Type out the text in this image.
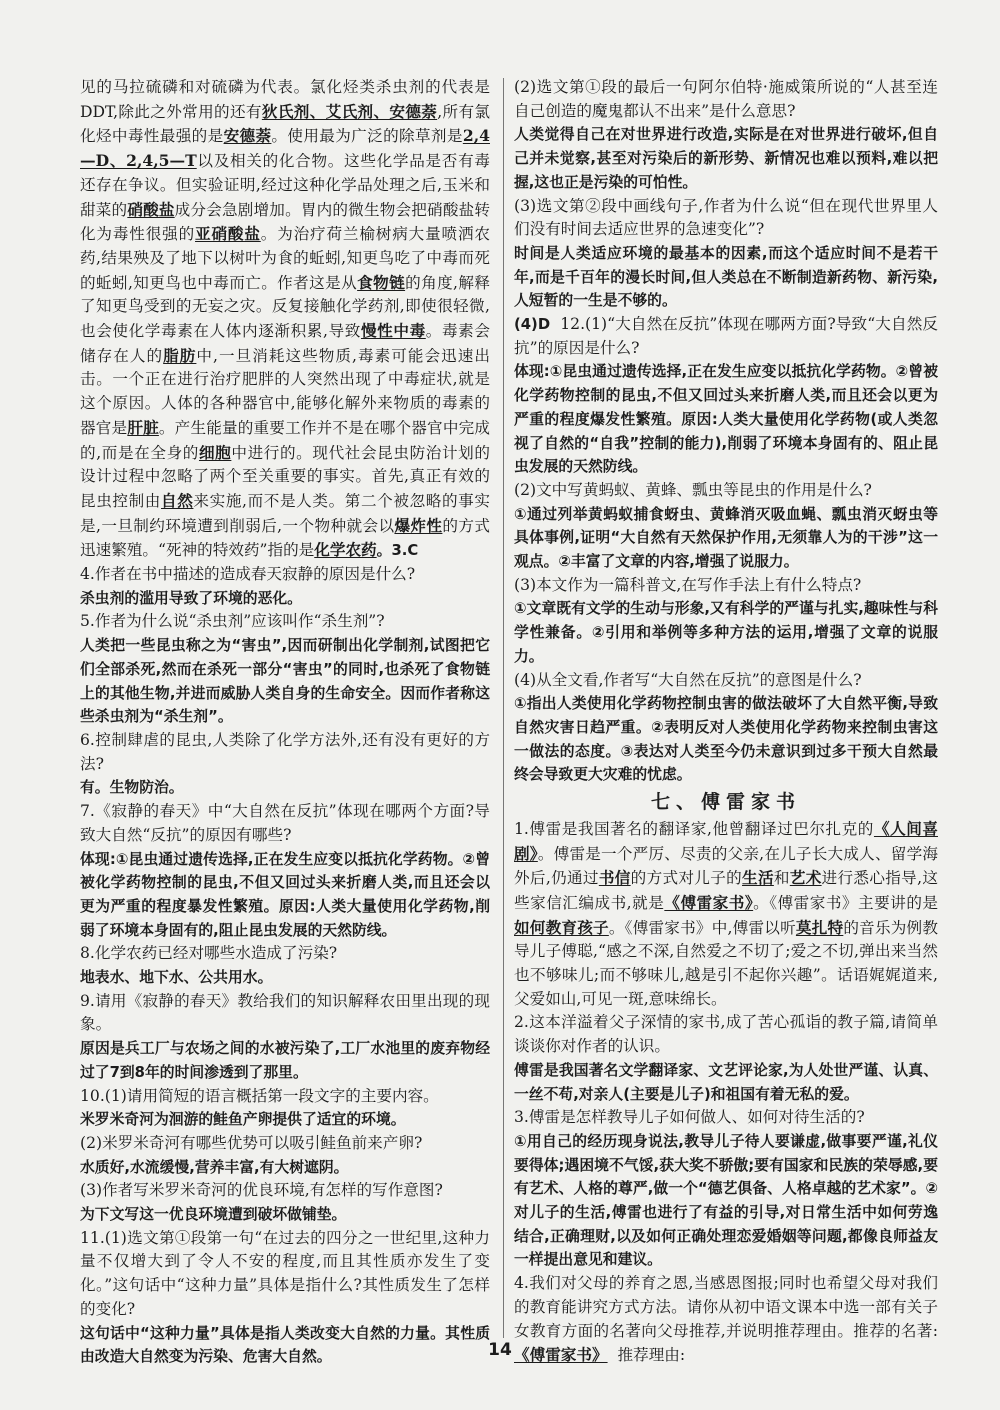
见的马拉硫磷和对硫磷为代表。氯化烃类杀虫剂的代表是DDT,除此之外常用的还有狄氏剂、艾氏剂、安德萘,所有氯化烃中毒性最强的是安德萘。使用最为广泛的除草剂是2,4—D、2,4,5—T以及相关的化合物。这些化学品是否有毒还存在争议。但实验证明,经过这种化学品处理之后,玉米和甜菜的硝酸盐成分会急剧增加。胃内的微生物会把硝酸盐转化为毒性很强的亚硝酸盐。为治疗荷兰榆树病大量喷洒农药,结果殃及了地下以树叶为食的蚯蚓,知更鸟吃了中毒而死的蚯蚓,知更鸟也中毒而亡。作者这是从食物链的角度,解释了知更鸟受到的无妄之灾。反复接触化学药剂,即使很轻微,也会使化学毒素在人体内逐渐积累,导致慢性中毒。毒素会储存在人的脂肪中,一旦消耗这些物质,毒素可能会迅速出击。一个正在进行治疗肥胖的人突然出现了中毒症状,就是这个原因。人体的各种器官中,能够化解外来物质的毒素的器官是肝脏。产生能量的重要工作并不是在哪个器官中完成的,而是在全身的细胞中进行的。现代社会昆虫防治计划的设计过程中忽略了两个至关重要的事实。首先,真正有效的昆虫控制由自然来实施,而不是人类。第二个被忽略的事实是,一旦制约环境遭到削弱后,一个物种就会以爆炸性的方式迅速繁殖。“死神的特效药”指的是化学农药。3.C

4.作者在书中描述的造成春天寂静的原因是什么?

杀虫剂的滥用导致了环境的恶化。

5.作者为什么说“杀虫剂”应该叫作“杀生剂”?

人类把一些昆虫称之为“害虫”,因而研制出化学制剂,试图把它们全部杀死,然而在杀死一部分“害虫”的同时,也杀死了食物链上的其他生物,并进而威胁人类自身的生命安全。因而作者称这些杀虫剂为“杀生剂”。

6.控制肆虐的昆虫,人类除了化学方法外,还有没有更好的方法?

有。生物防治。

7.《寂静的春天》中“大自然在反抗”体现在哪两个方面?导致大自然“反抗”的原因有哪些?

体现:①昆虫通过遗传选择,正在发生应变以抵抗化学药物。②曾被化学药物控制的昆虫,不但又回过头来折磨人类,而且还会以更为严重的程度暴发性繁殖。原因:人类大量使用化学药物,削弱了环境本身固有的,阻止昆虫发展的天然防线。

8.化学农药已经对哪些水造成了污染?

地表水、地下水、公共用水。

9.请用《寂静的春天》教给我们的知识解释农田里出现的现象。

原因是兵工厂与农场之间的水被污染了,工厂水池里的废弃物经过了7到8年的时间渗透到了那里。

10.(1)请用简短的语言概括第一段文字的主要内容。

米罗米奇河为洄游的鲑鱼产卵提供了适宜的环境。

(2)米罗米奇河有哪些优势可以吸引鲑鱼前来产卵?

水质好,水流缓慢,营养丰富,有大树遮阴。

(3)作者写米罗米奇河的优良环境,有怎样的写作意图?

为下文写这一优良环境遭到破坏做铺垫。

11.(1)选文第①段第一句“在过去的四分之一世纪里,这种力量不仅增大到了令人不安的程度,而且其性质亦发生了变化。”这句话中“这种力量”具体是指什么?其性质发生了怎样的变化?

这句话中“这种力量”具体是指人类改变大自然的力量。其性质由改造大自然变为污染、危害大自然。

(2)选文第①段的最后一句阿尔伯特·施威策所说的“人甚至连自己创造的魔鬼都认不出来”是什么意思?

人类觉得自己在对世界进行改造,实际是在对世界进行破坏,但自己并未觉察,甚至对污染后的新形势、新情况也难以预料,难以把握,这也正是污染的可怕性。

(3)选文第②段中画线句子,作者为什么说“但在现代世界里人们没有时间去适应世界的急速变化”?

时间是人类适应环境的最基本的因素,而这个适应时间不是若干年,而是千百年的漫长时间,但人类总在不断制造新药物、新污染,人短暂的一生是不够的。

(4)D 12.(1)“大自然在反抗”体现在哪两方面?导致“大自然反抗”的原因是什么?

体现:①昆虫通过遗传选择,正在发生应变以抵抗化学药物。②曾被化学药物控制的昆虫,不但又回过头来折磨人类,而且还会以更为严重的程度爆发性繁殖。原因:人类大量使用化学药物(或人类忽视了自然的“自我”控制的能力),削弱了环境本身固有的、阻止昆虫发展的天然防线。

(2)文中写黄蚂蚁、黄蜂、瓢虫等昆虫的作用是什么?

①通过列举黄蚂蚁捕食蚜虫、黄蜂消灭吸血蝇、瓢虫消灭蚜虫等具体事例,证明“大自然有天然保护作用,无须靠人为的干涉”这一观点。②丰富了文章的内容,增强了说服力。

(3)本文作为一篇科普文,在写作手法上有什么特点?

①文章既有文学的生动与形象,又有科学的严谨与扎实,趣味性与科学性兼备。②引用和举例等多种方法的运用,增强了文章的说服力。

(4)从全文看,作者写“大自然在反抗”的意图是什么?

①指出人类使用化学药物控制虫害的做法破坏了大自然平衡,导致自然灾害日趋严重。②表明反对人类使用化学药物来控制虫害这一做法的态度。③表达对人类至今仍未意识到过多干预大自然最终会导致更大灾难的忧虑。

七、傅雷家书

1.傅雷是我国著名的翻译家,他曾翻译过巴尔扎克的《人间喜剧》。傅雷是一个严厉、尽责的父亲,在儿子长大成人、留学海外后,仍通过书信的方式对儿子的生活和艺术进行悉心指导,这些家信汇编成书,就是《傅雷家书》。《傅雷家书》主要讲的是如何教育孩子。《傅雷家书》中,傅雷以听莫扎特的音乐为例教导儿子傅聪,“感之不深,自然爱之不切了;爱之不切,弹出来当然也不够味儿;而不够味儿,越是引不起你兴趣”。话语娓娓道来,父爱如山,可见一斑,意味绵长。

2.这本洋溢着父子深情的家书,成了苦心孤诣的教子篇,请简单谈谈你对作者的认识。

傅雷是我国著名文学翻译家、文艺评论家,为人处世严谨、认真、一丝不苟,对亲人(主要是儿子)和祖国有着无私的爱。

3.傅雷是怎样教导儿子如何做人、如何对待生活的?

①用自己的经历现身说法,教导儿子待人要谦虚,做事要严谨,礼仪要得体;遇困境不气馁,获大奖不骄傲;要有国家和民族的荣辱感,要有艺术、人格的尊严,做一个“德艺俱备、人格卓越的艺术家”。②对儿子的生活,傅雷也进行了有益的引导,对日常生活中如何劳逸结合,正确理财,以及如何正确处理恋爱婚姻等问题,都像良师益友一样提出意见和建议。

4.我们对父母的养育之恩,当感恩图报;同时也希望父母对我们的教育能讲究方式方法。请你从初中语文课本中选一部有关子女教育方面的名著向父母推荐,并说明推荐理由。推荐的名著:《傅雷家书》 推荐理由:

14
